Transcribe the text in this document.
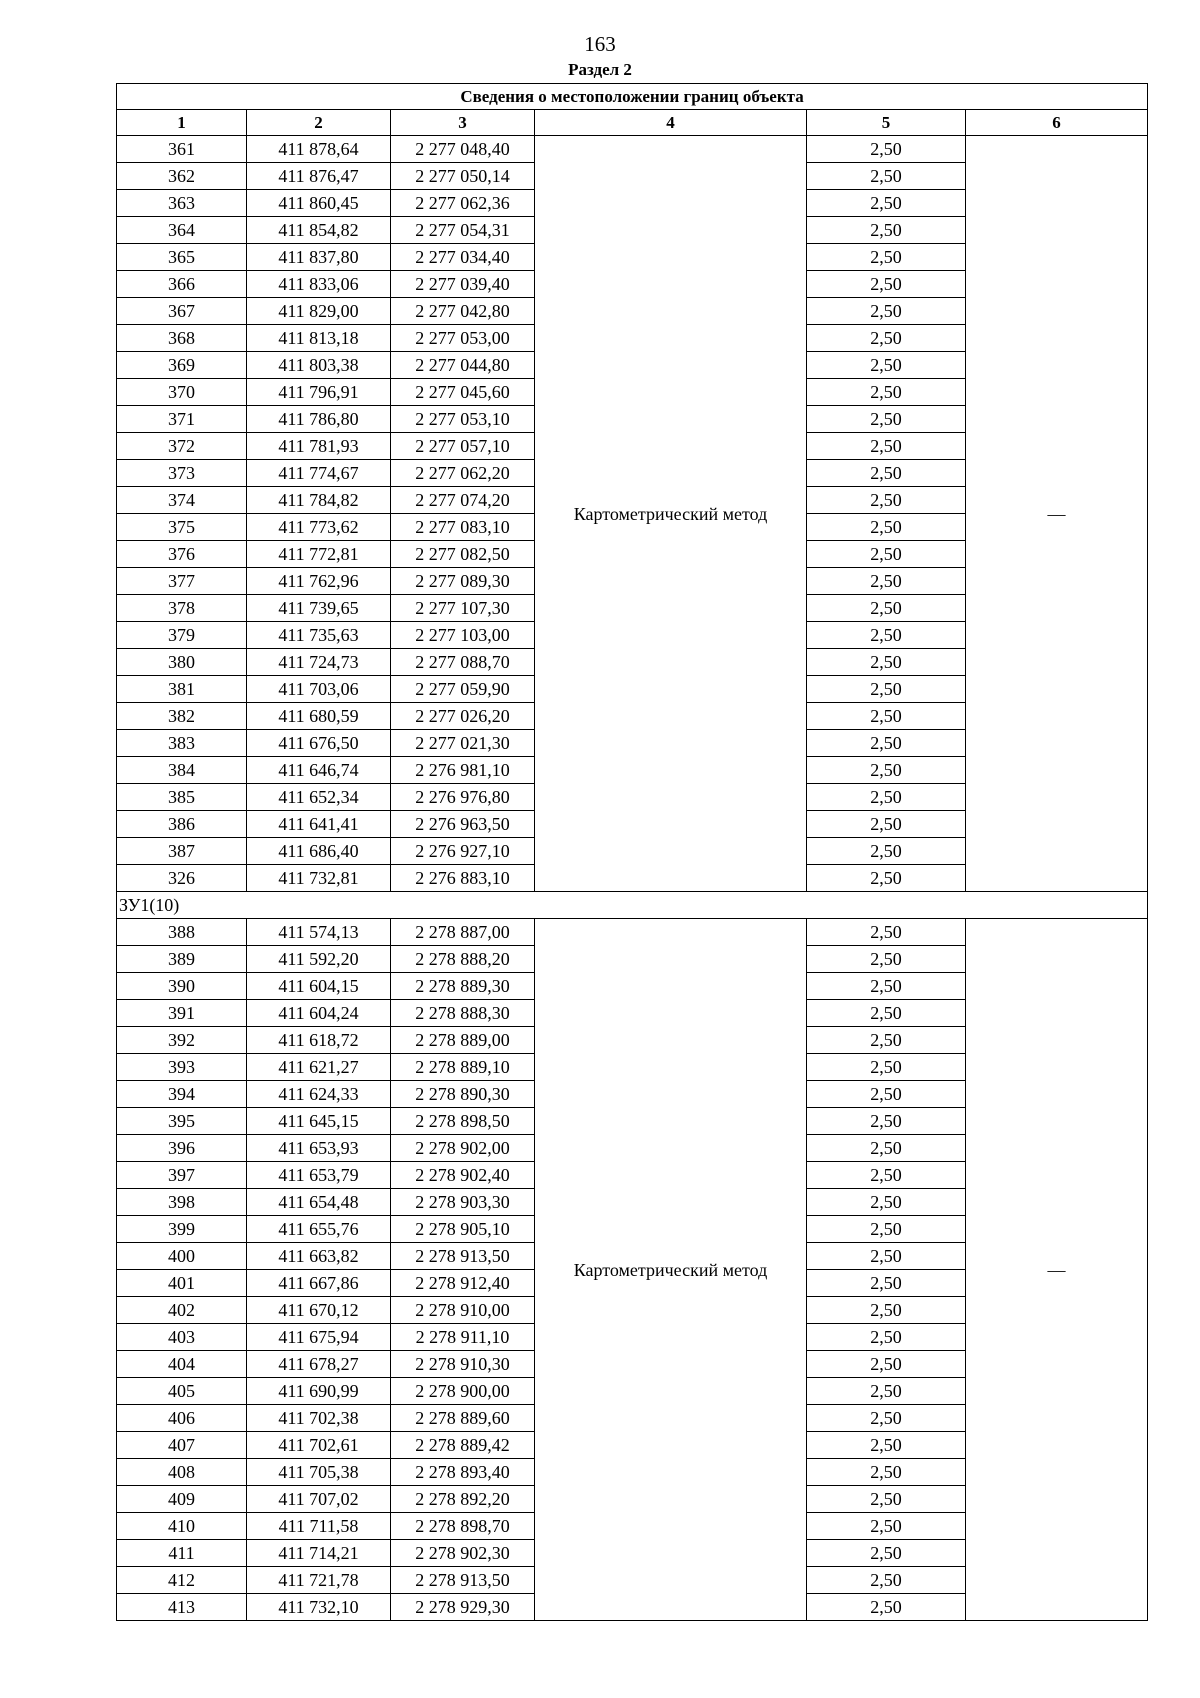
163
Раздел 2
Сведения о местоположении границ объекта					
1	2	3	4	5	6
361	411 878,64	2 277 048,40	Картометрический метод	2,50	—
362	411 876,47	2 277 050,14		2,50	
363	411 860,45	2 277 062,36		2,50	
364	411 854,82	2 277 054,31		2,50	
365	411 837,80	2 277 034,40		2,50	
366	411 833,06	2 277 039,40		2,50	
367	411 829,00	2 277 042,80		2,50	
368	411 813,18	2 277 053,00		2,50	
369	411 803,38	2 277 044,80		2,50	
370	411 796,91	2 277 045,60		2,50	
371	411 786,80	2 277 053,10		2,50	
372	411 781,93	2 277 057,10		2,50	
373	411 774,67	2 277 062,20		2,50	
374	411 784,82	2 277 074,20		2,50	
375	411 773,62	2 277 083,10		2,50	
376	411 772,81	2 277 082,50		2,50	
377	411 762,96	2 277 089,30		2,50	
378	411 739,65	2 277 107,30		2,50	
379	411 735,63	2 277 103,00		2,50	
380	411 724,73	2 277 088,70		2,50	
381	411 703,06	2 277 059,90		2,50	
382	411 680,59	2 277 026,20		2,50	
383	411 676,50	2 277 021,30		2,50	
384	411 646,74	2 276 981,10		2,50	
385	411 652,34	2 276 976,80		2,50	
386	411 641,41	2 276 963,50		2,50	
387	411 686,40	2 276 927,10		2,50	
326	411 732,81	2 276 883,10		2,50	
ЗУ1(10)					
388	411 574,13	2 278 887,00	Картометрический метод	2,50	—
389	411 592,20	2 278 888,20		2,50	
390	411 604,15	2 278 889,30		2,50	
391	411 604,24	2 278 888,30		2,50	
392	411 618,72	2 278 889,00		2,50	
393	411 621,27	2 278 889,10		2,50	
394	411 624,33	2 278 890,30		2,50	
395	411 645,15	2 278 898,50		2,50	
396	411 653,93	2 278 902,00		2,50	
397	411 653,79	2 278 902,40		2,50	
398	411 654,48	2 278 903,30		2,50	
399	411 655,76	2 278 905,10		2,50	
400	411 663,82	2 278 913,50		2,50	
401	411 667,86	2 278 912,40		2,50	
402	411 670,12	2 278 910,00		2,50	
403	411 675,94	2 278 911,10		2,50	
404	411 678,27	2 278 910,30		2,50	
405	411 690,99	2 278 900,00		2,50	
406	411 702,38	2 278 889,60		2,50	
407	411 702,61	2 278 889,42		2,50	
408	411 705,38	2 278 893,40		2,50	
409	411 707,02	2 278 892,20		2,50	
410	411 711,58	2 278 898,70		2,50	
411	411 714,21	2 278 902,30		2,50	
412	411 721,78	2 278 913,50		2,50	
413	411 732,10	2 278 929,30		2,50	
